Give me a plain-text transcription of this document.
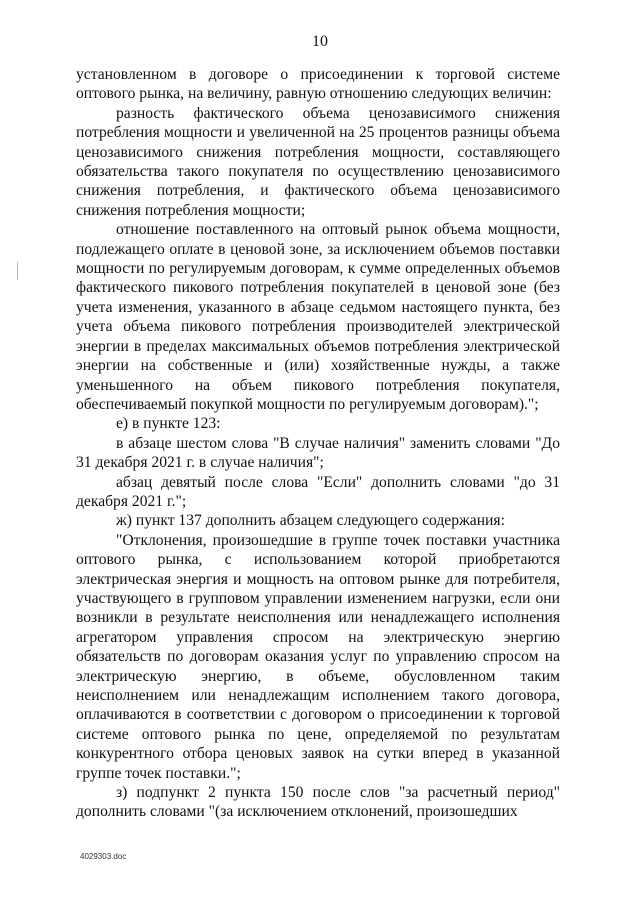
10

установленном в договоре о присоединении к торговой системе оптового рынка, на величину, равную отношению следующих величин:

разность фактического объема ценозависимого снижения потребления мощности и увеличенной на 25 процентов разницы объема ценозависимого снижения потребления мощности, составляющего обязательства такого покупателя по осуществлению ценозависимого снижения потребления, и фактического объема ценозависимого снижения потребления мощности;

отношение поставленного на оптовый рынок объема мощности, подлежащего оплате в ценовой зоне, за исключением объемов поставки мощности по регулируемым договорам, к сумме определенных объемов фактического пикового потребления покупателей в ценовой зоне (без учета изменения, указанного в абзаце седьмом настоящего пункта, без учета объема пикового потребления производителей электрической энергии в пределах максимальных объемов потребления электрической энергии на собственные и (или) хозяйственные нужды, а также уменьшенного на объем пикового потребления покупателя, обеспечиваемый покупкой мощности по регулируемым договорам).";

е) в пункте 123:

в абзаце шестом слова "В случае наличия" заменить словами "До 31 декабря 2021 г. в случае наличия";

абзац девятый после слова "Если" дополнить словами "до 31 декабря 2021 г.";

ж) пункт 137 дополнить абзацем следующего содержания:

"Отклонения, произошедшие в группе точек поставки участника оптового рынка, с использованием которой приобретаются электрическая энергия и мощность на оптовом рынке для потребителя, участвующего в групповом управлении изменением нагрузки, если они возникли в результате неисполнения или ненадлежащего исполнения агрегатором управления спросом на электрическую энергию обязательств по договорам оказания услуг по управлению спросом на электрическую энергию, в объеме, обусловленном таким неисполнением или ненадлежащим исполнением такого договора, оплачиваются в соответствии с договором о присоединении к торговой системе оптового рынка по цене, определяемой по результатам конкурентного отбора ценовых заявок на сутки вперед в указанной группе точек поставки.";

з) подпункт 2 пункта 150 после слов "за расчетный период" дополнить словами "(за исключением отклонений, произошедших

4029303.doc
